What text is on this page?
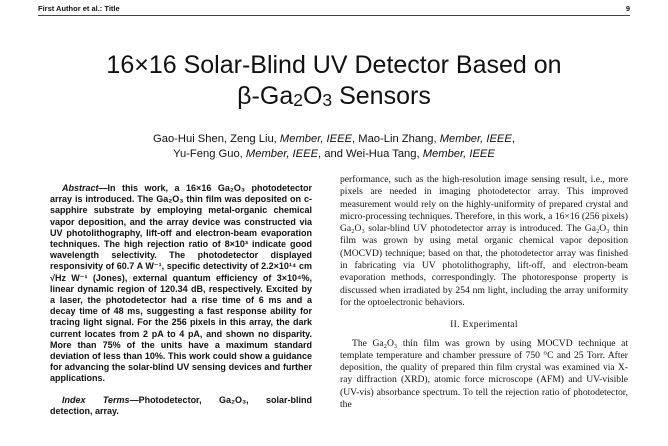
First Author et al.: Title	9
16×16 Solar-Blind UV Detector Based on
$\beta-Ga_2O_3$ Sensors
Gao-Hui Shen, Zeng Liu, Member, IEEE, Mao-Lin Zhang, Member, IEEE,
Yu-Feng Guo, Member, IEEE, and Wei-Hua Tang, Member, IEEE

Abstract—In this work, a 16×16 Ga₂O₃ photodetector array is introduced. The Ga₂O₃ thin film was deposited on c-sapphire substrate by employing metal-organic chemical vapor deposition, and the array device was constructed via UV photolithography, lift-off and electron-beam evaporation techniques. The high rejection ratio of 8×10³ indicate good wavelength selectivity. The photodetector displayed responsivity of 60.7 A W⁻¹, specific detectivity of 2.2×10¹⁴ cm √Hz W⁻¹ (Jones), external quantum efficiency of 3×10⁴%, linear dynamic region of 120.34 dB, respectively. Excited by a laser, the photodetector had a rise time of 6 ms and a decay time of 48 ms, suggesting a fast response ability for tracing light signal. For the 256 pixels in this array, the dark current locates from 2 pA to 4 pA, and shown no disparity. More than 75% of the units have a maximum standard deviation of less than 10%. This work could show a guidance for advancing the solar-blind UV sensing devices and further applications.

Index Terms—Photodetector, Ga₂O₃, solar-blind detection, array.

performance, such as the high-resolution image sensing result, i.e., more pixels are needed in imaging photodetector array. This improved measurement would rely on the highly-uniformity of prepared crystal and micro-processing techniques. Therefore, in this work, a 16×16 (256 pixels) Ga₂O₃ solar-blind UV photodetector array is introduced. The Ga₂O₃ thin film was grown by using metal organic chemical vapor deposition (MOCVD) technique; based on that, the photodetector array was finished in fabricating via UV photolithography, lift-off, and electron-beam evaporation methods, correspondingly. The photoresponse property is discussed when irradiated by 254 nm light, including the array uniformity for the optoelectronic behaviors.

II. Experimental

The Ga₂O₃ thin film was grown by using MOCVD technique at template temperature and chamber pressure of 750 °C and 25 Torr. After deposition, the quality of prepared thin film crystal was examined via X-ray diffraction (XRD), atomic force microscope (AFM) and UV-visible (UV-vis) absorbance spectrum. To tell the rejection ratio of photodetector, the
